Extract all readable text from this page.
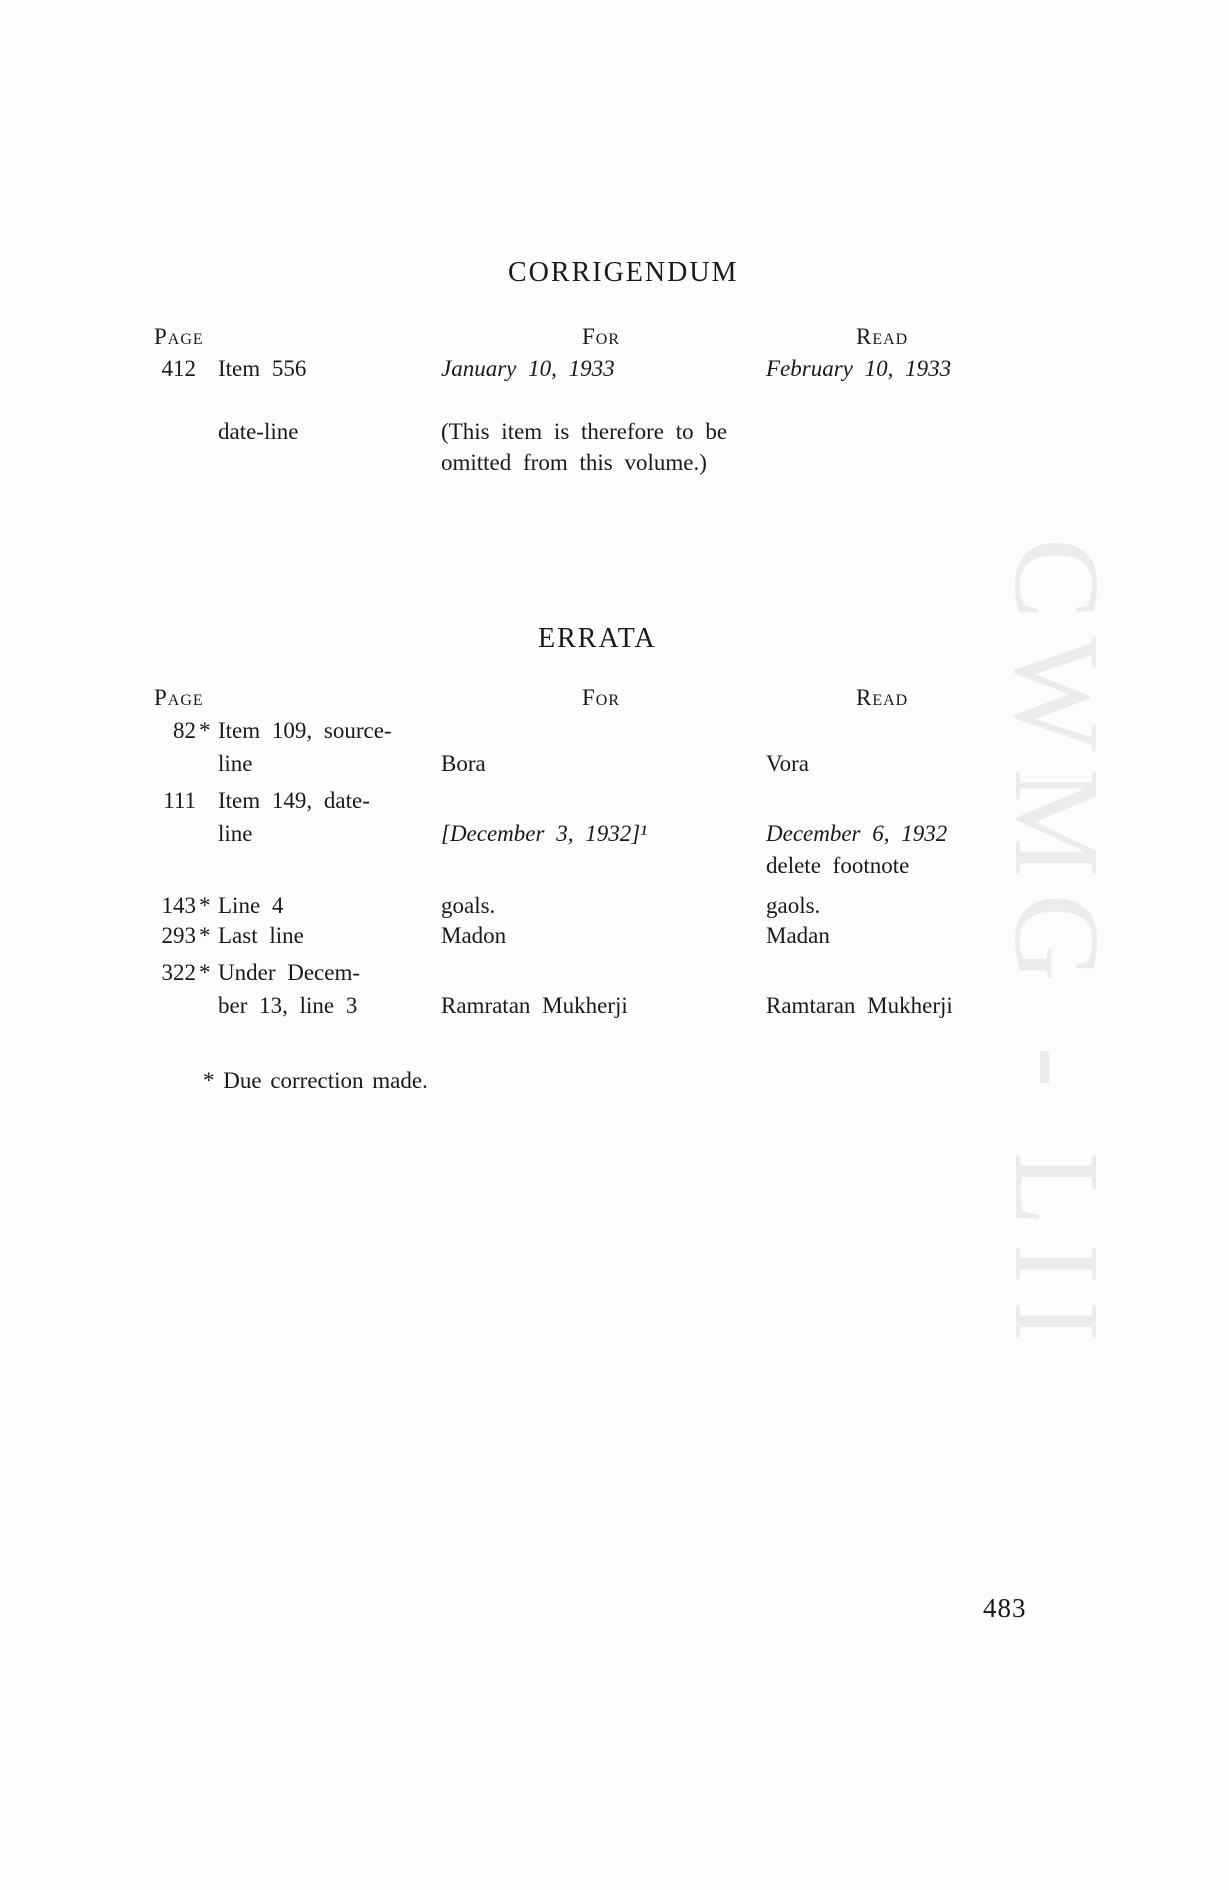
CORRIGENDUM
Page	For	Read
412 Item 556	January 10, 1933	February 10, 1933
date-line	(This item is therefore to be
omitted from this volume.)
ERRATA
Page	For	Read
82 * Item 109, source-
line	Bora	Vora
111 Item 149, date-
line	[December 3, 1932]¹	December 6, 1932
delete footnote
143 * Line 4	goals.	gaols.
293 * Last line	Madon	Madan
322 * Under Decem-
ber 13, line 3	Ramratan Mukherji	Ramtaran Mukherji
* Due correction made.	CWMG - LII
483
